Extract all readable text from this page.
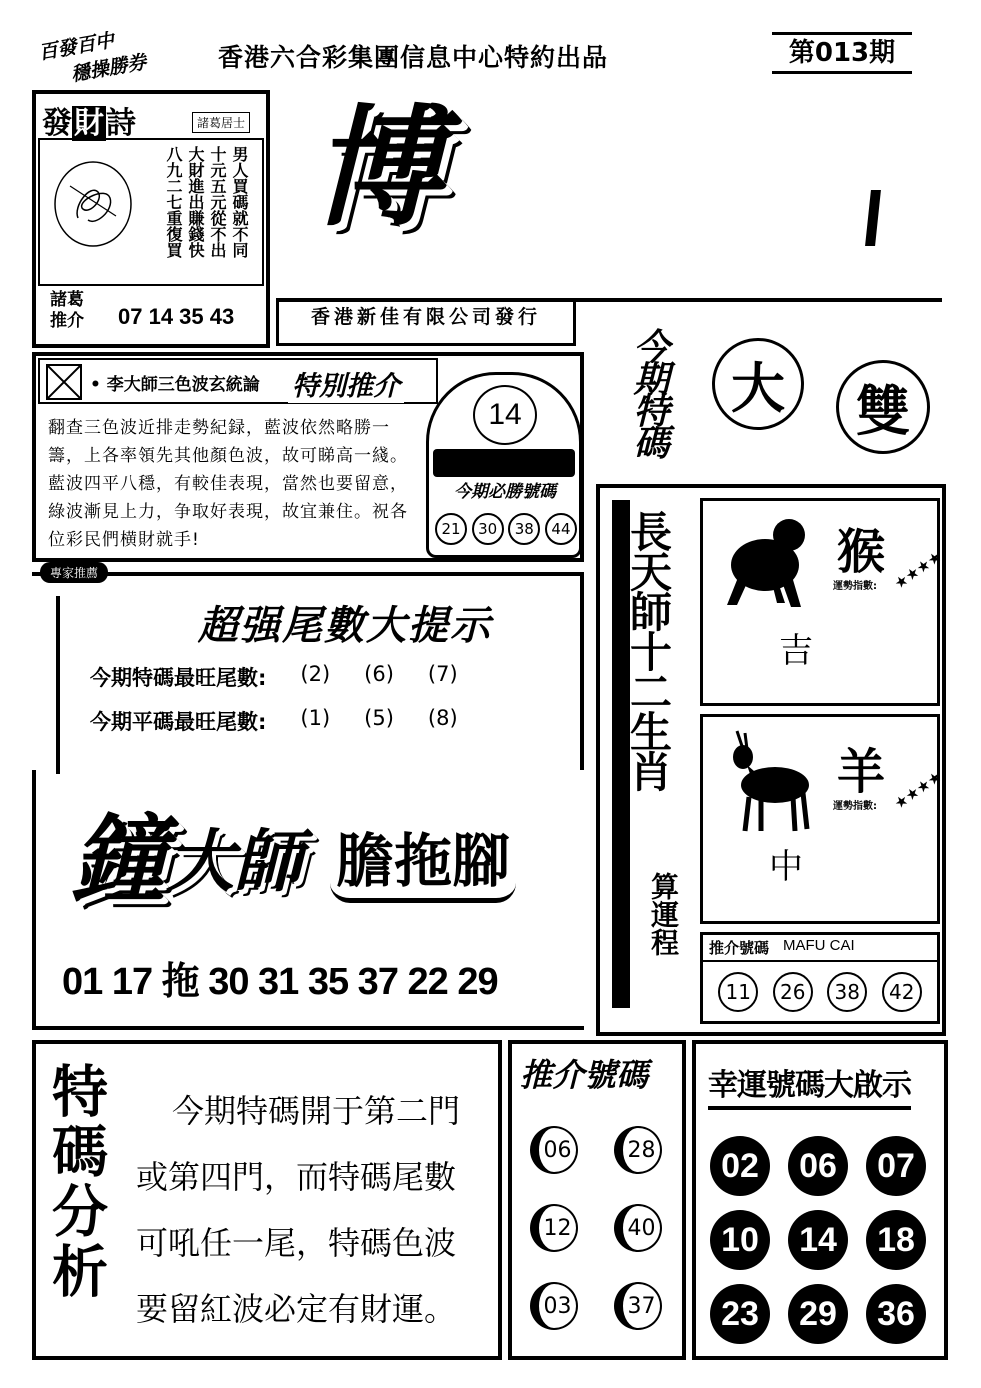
百發百中
穩操勝券	香港六合彩集團信息中心特約出品	第013期
發財詩	諸葛居士
男人買碼就不同
十元五元從不出
大財進出賺錢快
八九二七重復買
諸葛
推介 07 14 35 43
博
香港新佳有限公司發行
今期特碼	大	雙
• 李大師三色波玄統論 特別推介
翻查三色波近排走勢紀録，藍波依然略勝一籌，上各率領先其他顏色波，故可睇高一綫。藍波四平八穩，有較佳表現，當然也要留意，綠波漸見上力，争取好表現，故宜兼住。祝各位彩民們横財就手!
14
今期必勝號碼
21	30	38	44
專家推薦
超强尾數大提示
今期特碼最旺尾數: (2) (6) (7)
今期平碼最旺尾數: (1) (5) (8)
鐘 大師 膽拖腳
01 17 拖 30 31 35 37 22 29
長天師十二生肖
算運程
猴
運勢指數: ★★★★
吉
羊
運勢指數: ★★★★
中
推介號碼 MAFU CAI
11	26	38	42
特碼分析	今期特碼開于第二門
或第四門，而特碼尾數
可吼任一尾，特碼色波
要留紅波必定有財運。
推介號碼
06	28
12	40
03	37
幸運號碼大啟示
02	06	07
10	14	18
23	29	36
